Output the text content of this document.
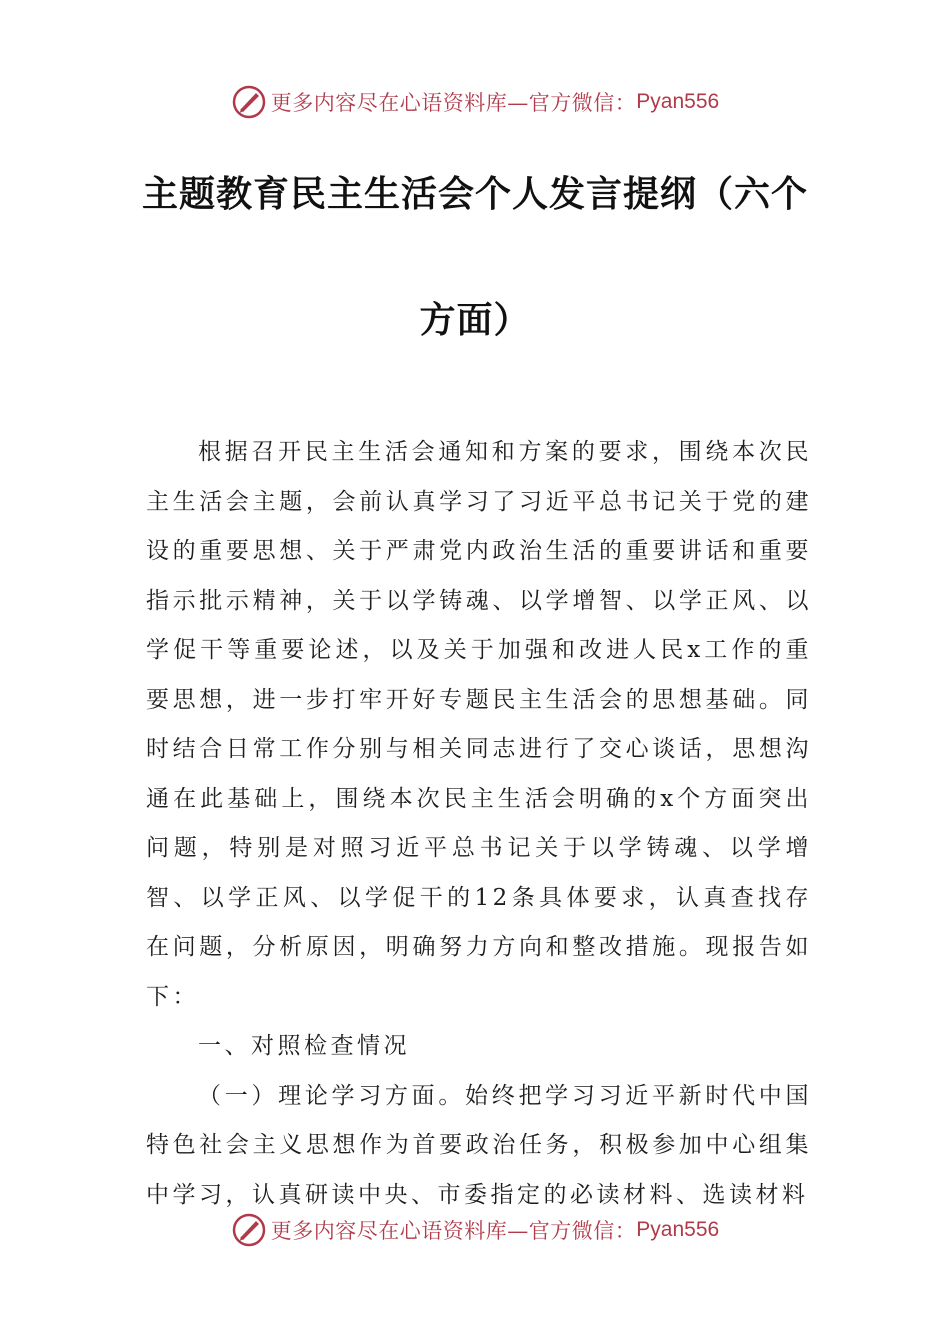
更多内容尽在心语资料库—官方微信： Pyan556
主题教育民主生活会个人发言提纲（六个
方面）

根据召开民主生活会通知和方案的要求，围绕本次民主生活会主题，会前认真学习了习近平总书记关于党的建设的重要思想、关于严肃党内政治生活的重要讲话和重要指示批示精神，关于以学铸魂、以学增智、以学正风、以学促干等重要论述，以及关于加强和改进人民x工作的重要思想，进一步打牢开好专题民主生活会的思想基础。同时结合日常工作分别与相关同志进行了交心谈话，思想沟通在此基础上，围绕本次民主生活会明确的x个方面突出问题，特别是对照习近平总书记关于以学铸魂、以学增智、以学正风、以学促干的12条具体要求，认真查找存在问题，分析原因，明确努力方向和整改措施。现报告如下：

一、对照检查情况

（一）理论学习方面。始终把学习习近平新时代中国特色社会主义思想作为首要政治任务，积极参加中心组集中学习，认真研读中央、市委指定的必读材料、选读材料

更多内容尽在心语资料库—官方微信： Pyan556
